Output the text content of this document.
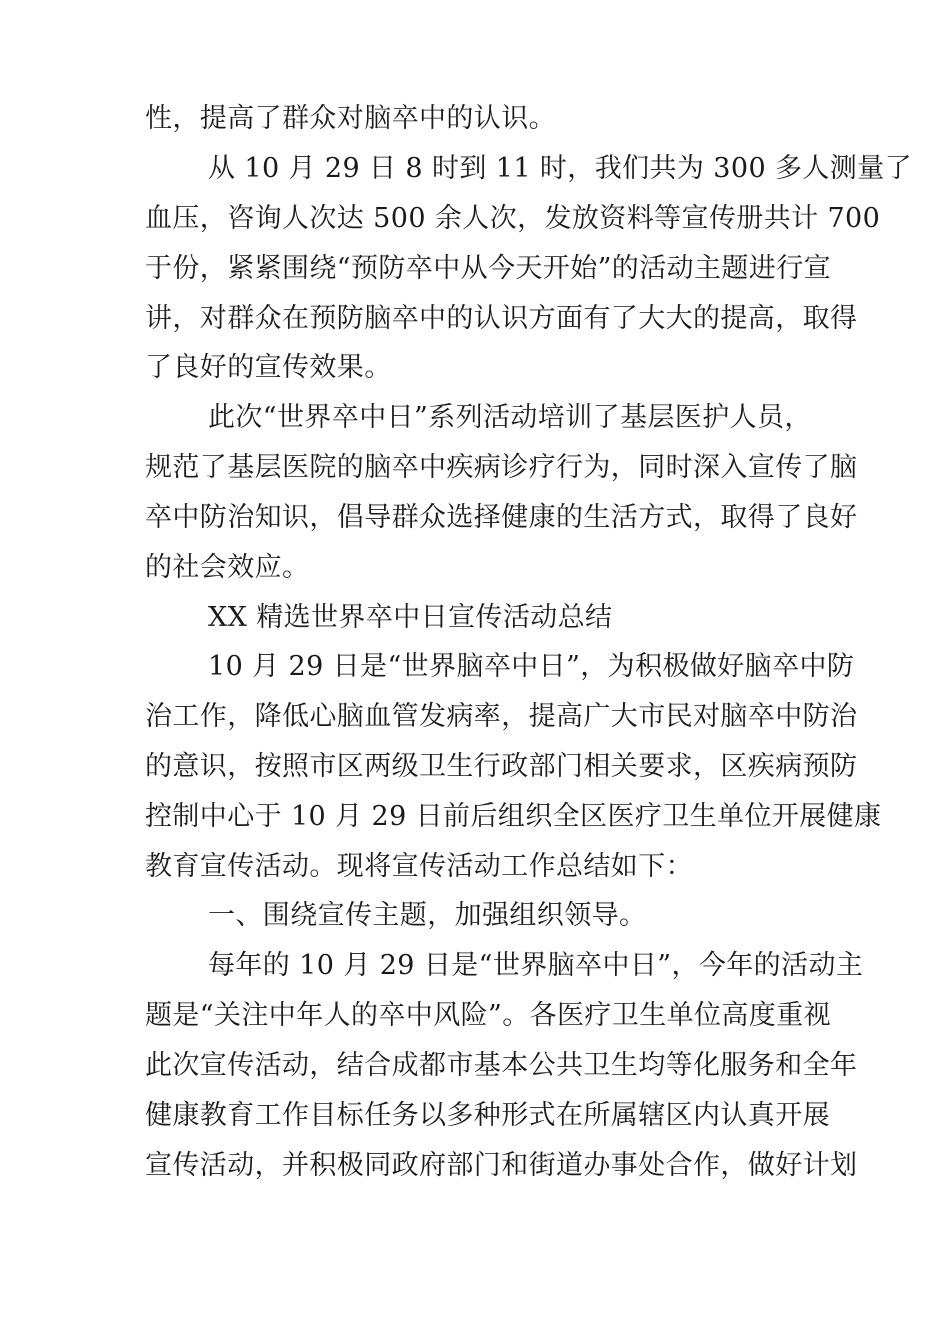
性，提高了群众对脑卒中的认识。
从 10 月 29 日 8 时到 11 时，我们共为 300 多人测量了
血压，咨询人次达 500 余人次，发放资料等宣传册共计 700
于份，紧紧围绕“预防卒中从今天开始”的活动主题进行宣
讲，对群众在预防脑卒中的认识方面有了大大的提高，取得
了良好的宣传效果。
此次“世界卒中日”系列活动培训了基层医护人员，
规范了基层医院的脑卒中疾病诊疗行为，同时深入宣传了脑
卒中防治知识，倡导群众选择健康的生活方式，取得了良好
的社会效应。
XX 精选世界卒中日宣传活动总结
10 月 29 日是“世界脑卒中日”，为积极做好脑卒中防
治工作，降低心脑血管发病率，提高广大市民对脑卒中防治
的意识，按照市区两级卫生行政部门相关要求，区疾病预防
控制中心于 10 月 29 日前后组织全区医疗卫生单位开展健康
教育宣传活动。现将宣传活动工作总结如下：
一、围绕宣传主题，加强组织领导。
每年的 10 月 29 日是“世界脑卒中日”，今年的活动主
题是“关注中年人的卒中风险”。各医疗卫生单位高度重视
此次宣传活动，结合成都市基本公共卫生均等化服务和全年
健康教育工作目标任务以多种形式在所属辖区内认真开展
宣传活动，并积极同政府部门和街道办事处合作，做好计划
